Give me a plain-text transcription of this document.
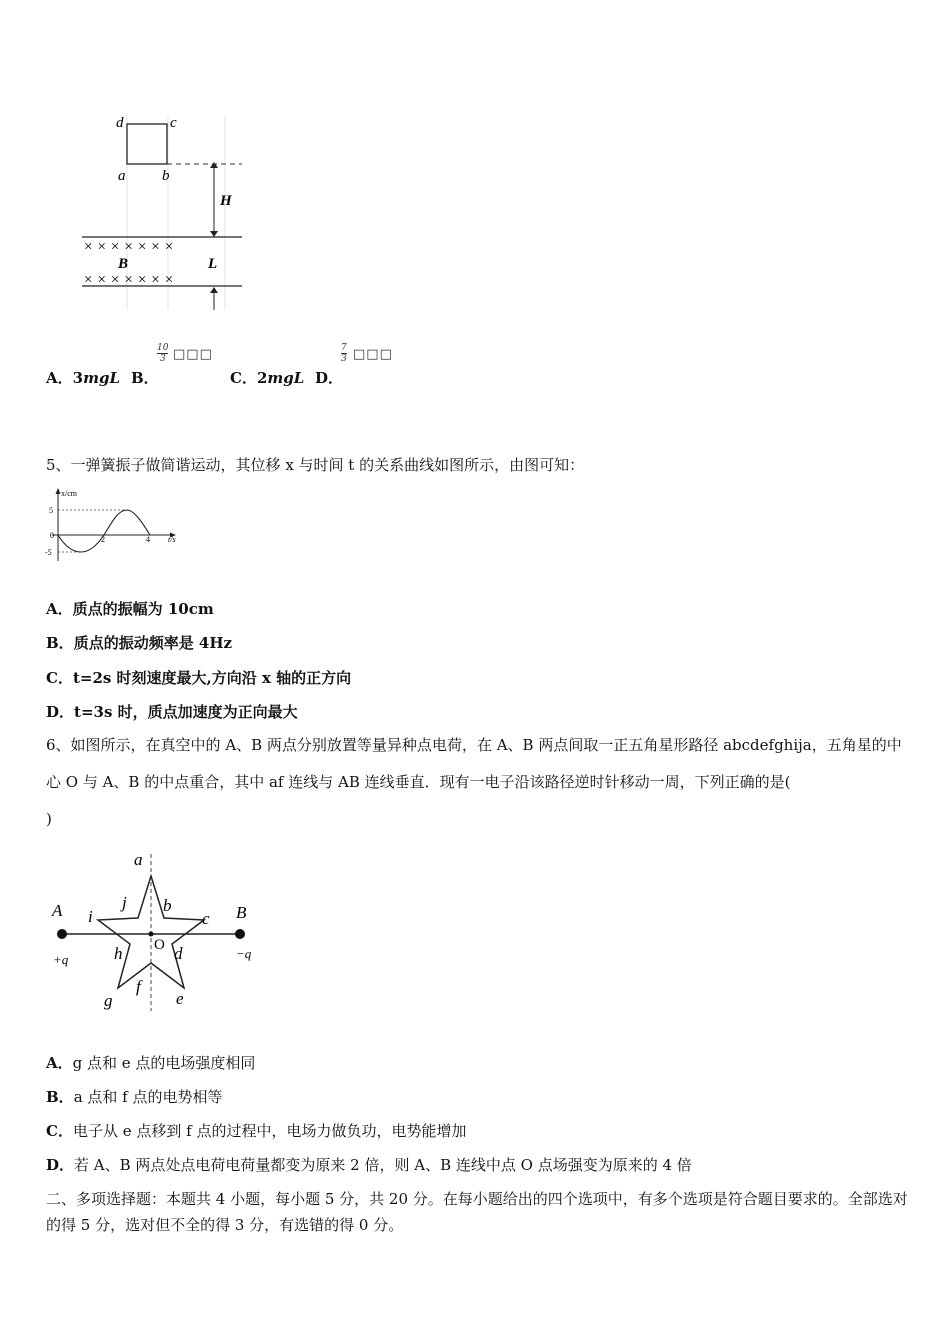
d	c
a b
H
×××××××
B	L
×××××××
A．3mgL B．
$\frac{10}{3}$ □□□
C．2mgL D．
$\frac{7}{3}$ □□□
5、一弹簧振子做简谐运动，其位移 x 与时间 t 的关系曲线如图所示，由图可知：
x/cm
t/s
5
0
-5
2	4
A．质点的振幅为 10cm
B．质点的振动频率是 4Hz
C．t=2s 时刻速度最大,方向沿 x 轴的正方向
D．t=3s 时，质点加速度为正向最大
6、如图所示，在真空中的 A、B 两点分别放置等量异种点电荷，在 A、B 两点间取一正五角星形路径 abcdefghija，五角星的中心 O 与 A、B 的中点重合，其中 af 连线与 AB 连线垂直．现有一电子沿该路径逆时针移动一周，下列正确的是(
)
A
+q
B
−q
a
b
c
d
e
f
g
h
i
j
O
A．g 点和 e 点的电场强度相同
B．a 点和 f 点的电势相等
C．电子从 e 点移到 f 点的过程中，电场力做负功，电势能增加
D．若 A、B 两点处点电荷电荷量都变为原来 2 倍，则 A、B 连线中点 O 点场强变为原来的 4 倍
二、多项选择题：本题共 4 小题，每小题 5 分，共 20 分。在每小题给出的四个选项中，有多个选项是符合题目要求的。全部选对的得 5 分，选对但不全的得 3 分，有选错的得 0 分。
